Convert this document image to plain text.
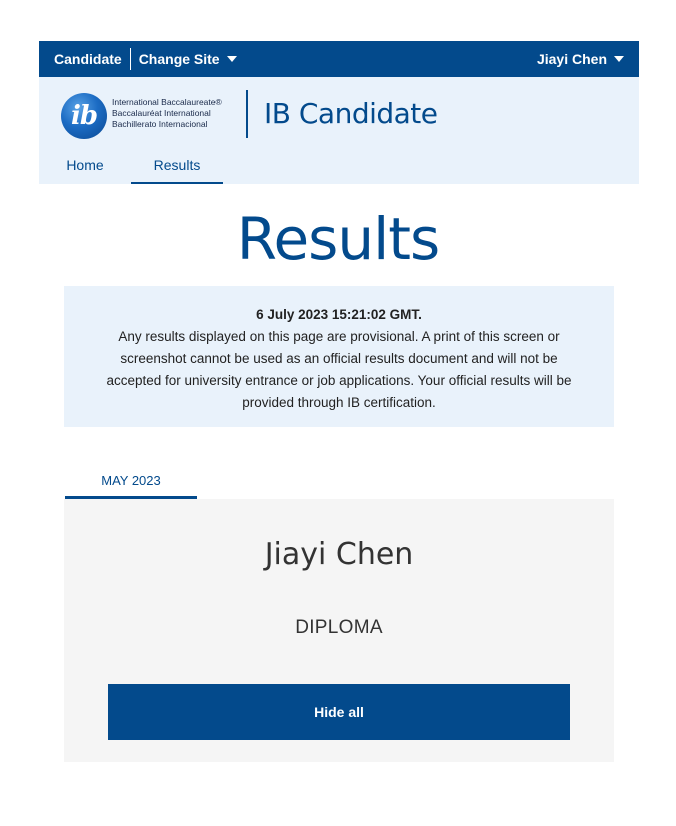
Candidate Change Site	Jiayi Chen
ib International Baccalaureate®
Baccalauréat International
Bachillerato Internacional	IB Candidate
Home	Results
Results
6 July 2023 15:21:02 GMT.
Any results displayed on this page are provisional. A print of this screen or screenshot cannot be used as an official results document and will not be accepted for university entrance or job applications. Your official results will be provided through IB certification.
MAY 2023
Jiayi Chen
DIPLOMA
Hide all
